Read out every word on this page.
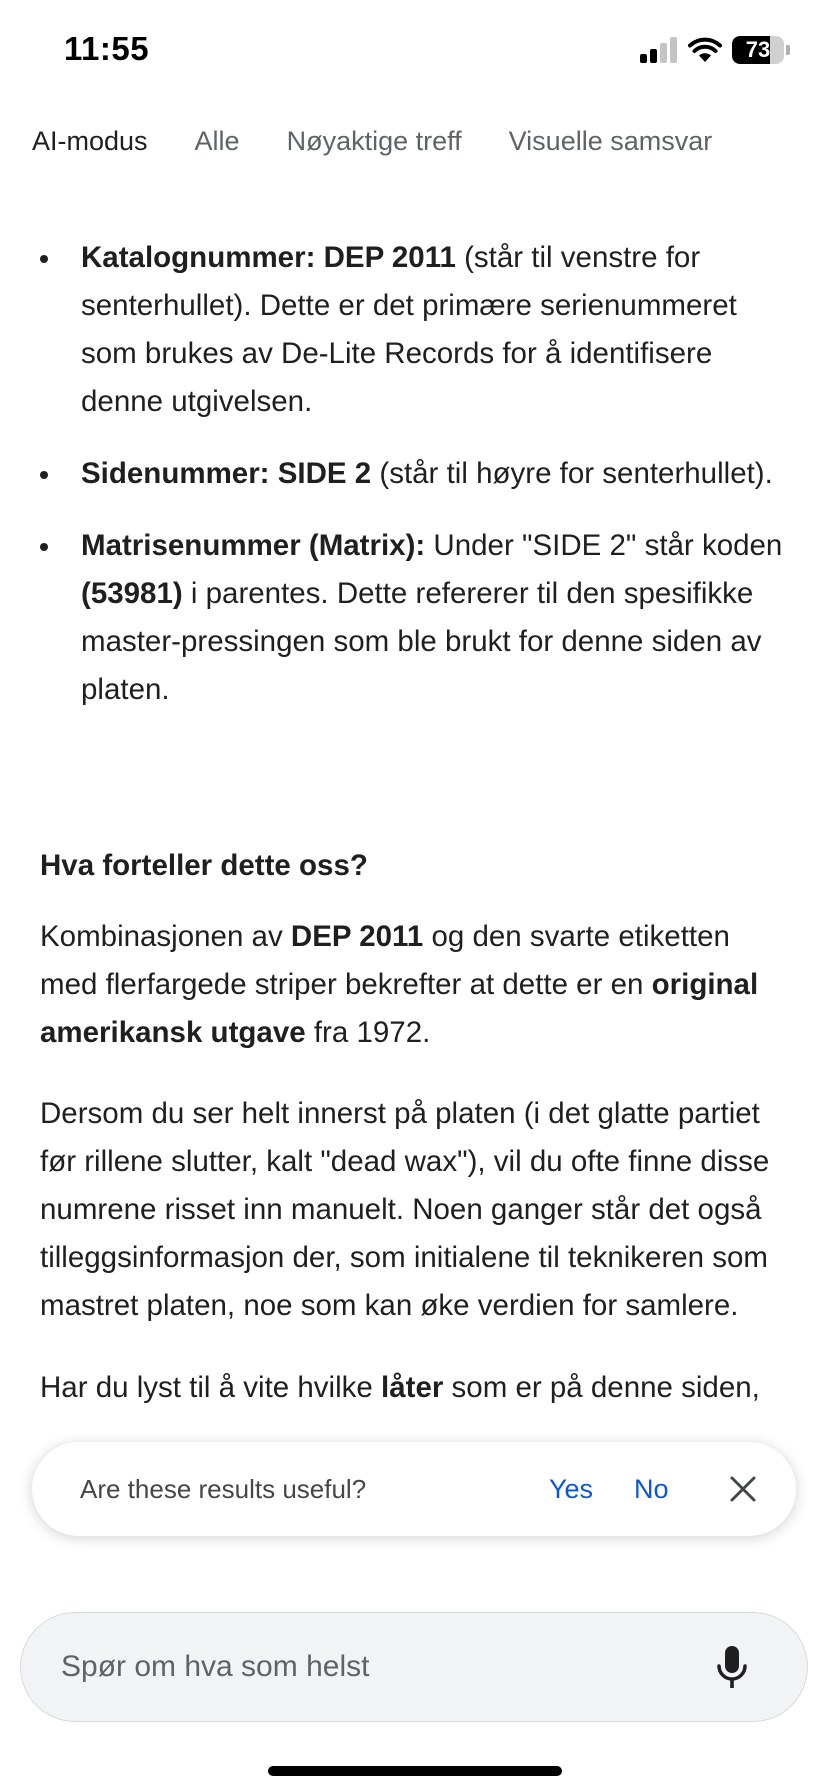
11:55	73
AI-modus Alle Nøyaktige treff Visuelle samsvar
Katalognummer: DEP 2011 (står til venstre for senterhullet). Dette er det primære serienummeret som brukes av De-Lite Records for å identifisere denne utgivelsen.
Sidenummer: SIDE 2 (står til høyre for senterhullet).
Matrisenummer (Matrix): Under "SIDE 2" står koden (53981) i parentes. Dette refererer til den spesifikke master-pressingen som ble brukt for denne siden av platen.
Hva forteller dette oss?

Kombinasjonen av DEP 2011 og den svarte etiketten med flerfargede striper bekrefter at dette er en original amerikansk utgave fra 1972.

Dersom du ser helt innerst på platen (i det glatte partiet før rillene slutter, kalt "dead wax"), vil du ofte finne disse numrene risset inn manuelt. Noen ganger står det også tilleggsinformasjon der, som initialene til teknikeren som mastret platen, noe som kan øke verdien for samlere.

Har du lyst til å vite hvilke låter som er på denne siden,

Are these results useful?	Yes No
Spør om hva som helst
